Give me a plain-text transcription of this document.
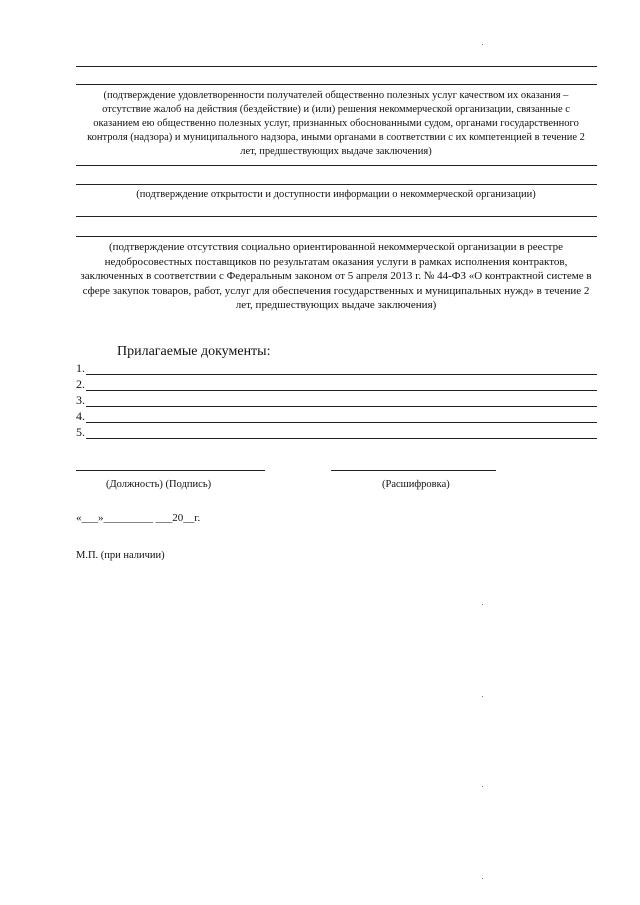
(подтверждение удовлетворенности получателей общественно полезных услуг качеством их оказания – отсутствие жалоб на действия (бездействие) и (или) решения некоммерческой организации, связанные с оказанием ею общественно полезных услуг, признанных обоснованными судом, органами государственного контроля (надзора) и муниципального надзора, иными органами в соответствии с их компетенцией в течение 2 лет, предшествующих выдаче заключения)
(подтверждение открытости и доступности информации о некоммерческой организации)
(подтверждение отсутствия социально ориентированной некоммерческой организации в реестре недобросовестных поставщиков по результатам оказания услуги в рамках исполнения контрактов, заключенных в соответствии с Федеральным законом от 5 апреля 2013 г. № 44-ФЗ «О контрактной системе в сфере закупок товаров, работ, услуг для обеспечения государственных и муниципальных нужд» в течение 2 лет, предшествующих выдаче заключения)
Прилагаемые документы:
1.
2.
3.
4.
5.
(Должность) (Подпись)	(Расшифровка)
«___»_________ ___20__г.
М.П. (при наличии)
